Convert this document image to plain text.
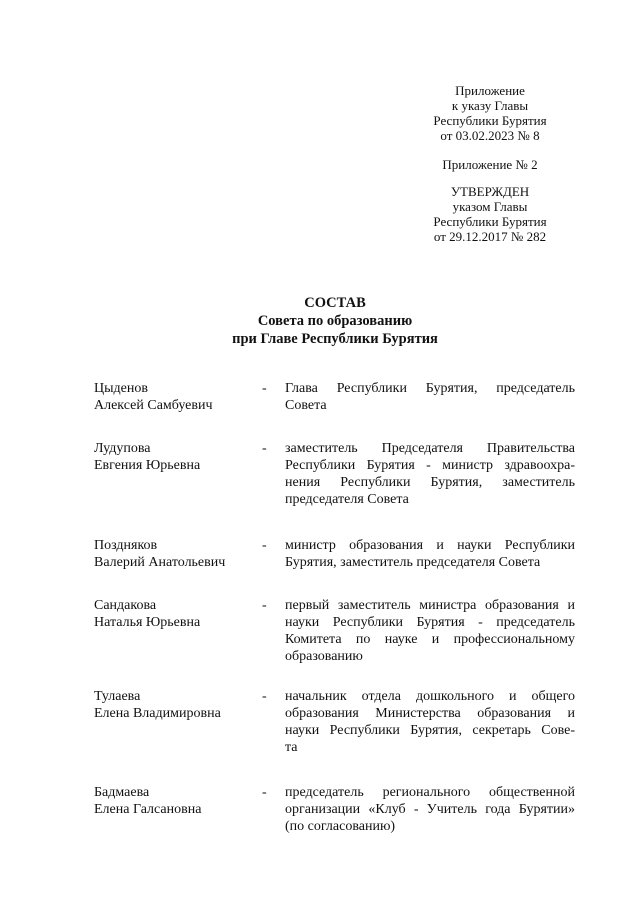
Приложение
к указу Главы
Республики Бурятия
от 03.02.2023 № 8
Приложение № 2
УТВЕРЖДЕН
указом Главы
Республики Бурятия
от 29.12.2017 № 282
СОСТАВ
Совета по образованию
при Главе Республики Бурятия
Цыденов
Алексей Самбуевич
- Глава Республики Бурятия, председатель
Совета
Лудупова
Евгения Юрьевна
- заместитель Председателя Правительства
Республики Бурятия - министр здравоохра-
нения Республики Бурятия, заместитель
председателя Совета
Поздняков
Валерий Анатольевич
- министр образования и науки Республики
Бурятия, заместитель председателя Совета
Сандакова
Наталья Юрьевна
- первый заместитель министра образования и
науки Республики Бурятия - председатель
Комитета по науке и профессиональному
образованию
Тулаева
Елена Владимировна
- начальник отдела дошкольного и общего
образования Министерства образования и
науки Республики Бурятия, секретарь Сове-
та
Бадмаева
Елена Галсановна
- председатель регионального общественной
организации «Клуб - Учитель года Бурятии»
(по согласованию)
